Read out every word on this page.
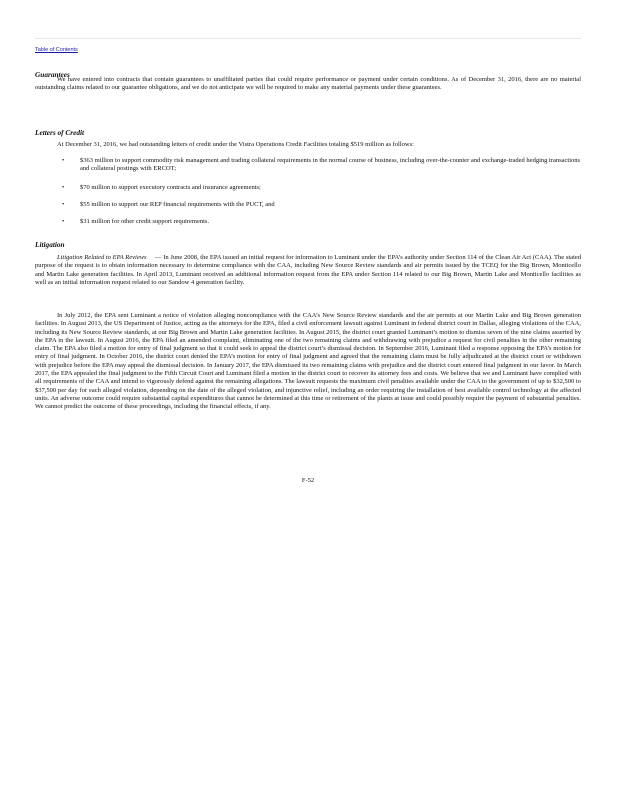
Table of Contents
Guarantees

We have entered into contracts that contain guarantees to unaffiliated parties that could require performance or payment under certain conditions. As of December 31, 2016, there are no material outstanding claims related to our guarantee obligations, and we do not anticipate we will be required to make any material payments under these guarantees.

Letters of Credit

At December 31, 2016, we had outstanding letters of credit under the Vistra Operations Credit Facilities totaling $519 million as follows:

• $363 million to support commodity risk management and trading collateral requirements in the normal course of business, including over-the-counter and exchange-traded hedging transactions and collateral postings with ERCOT;
• $70 million to support executory contracts and insurance agreements;
• $55 million to support our REP financial requirements with the PUCT, and
• $31 million for other credit support requirements.
Litigation

Litigation Related to EPA Reviews — In June 2008, the EPA issued an initial request for information to Luminant under the EPA’s authority under Section 114 of the Clean Air Act (CAA). The stated purpose of the request is to obtain information necessary to determine compliance with the CAA, including New Source Review standards and air permits issued by the TCEQ for the Big Brown, Monticello and Martin Lake generation facilities. In April 2013, Luminant received an additional information request from the EPA under Section 114 related to our Big Brown, Martin Lake and Monticello facilities as well as an initial information request related to our Sandow 4 generation facility.

In July 2012, the EPA sent Luminant a notice of violation alleging noncompliance with the CAA’s New Source Review standards and the air permits at our Martin Lake and Big Brown generation facilities. In August 2013, the US Department of Justice, acting as the attorneys for the EPA, filed a civil enforcement lawsuit against Luminant in federal district court in Dallas, alleging violations of the CAA, including its New Source Review standards, at our Big Brown and Martin Lake generation facilities. In August 2015, the district court granted Luminant’s motion to dismiss seven of the nine claims asserted by the EPA in the lawsuit. In August 2016, the EPA filed an amended complaint, eliminating one of the two remaining claims and withdrawing with prejudice a request for civil penalties in the other remaining claim. The EPA also filed a motion for entry of final judgment so that it could seek to appeal the district court’s dismissal decision. In September 2016, Luminant filed a response opposing the EPA’s motion for entry of final judgment. In October 2016, the district court denied the EPA’s motion for entry of final judgment and agreed that the remaining claim must be fully adjudicated at the district court or withdrawn with prejudice before the EPA may appeal the dismissal decision. In January 2017, the EPA dismissed its two remaining claims with prejudice and the district court entered final judgment in our favor. In March 2017, the EPA appealed the final judgment to the Fifth Circuit Court and Luminant filed a motion in the district court to recover its attorney fees and costs. We believe that we and Luminant have complied with all requirements of the CAA and intend to vigorously defend against the remaining allegations. The lawsuit requests the maximum civil penalties available under the CAA to the government of up to $32,500 to $37,500 per day for each alleged violation, depending on the date of the alleged violation, and injunctive relief, including an order requiring the installation of best available control technology at the affected units. An adverse outcome could require substantial capital expenditures that cannot be determined at this time or retirement of the plants at issue and could possibly require the payment of substantial penalties. We cannot predict the outcome of these proceedings, including the financial effects, if any.

F-52
